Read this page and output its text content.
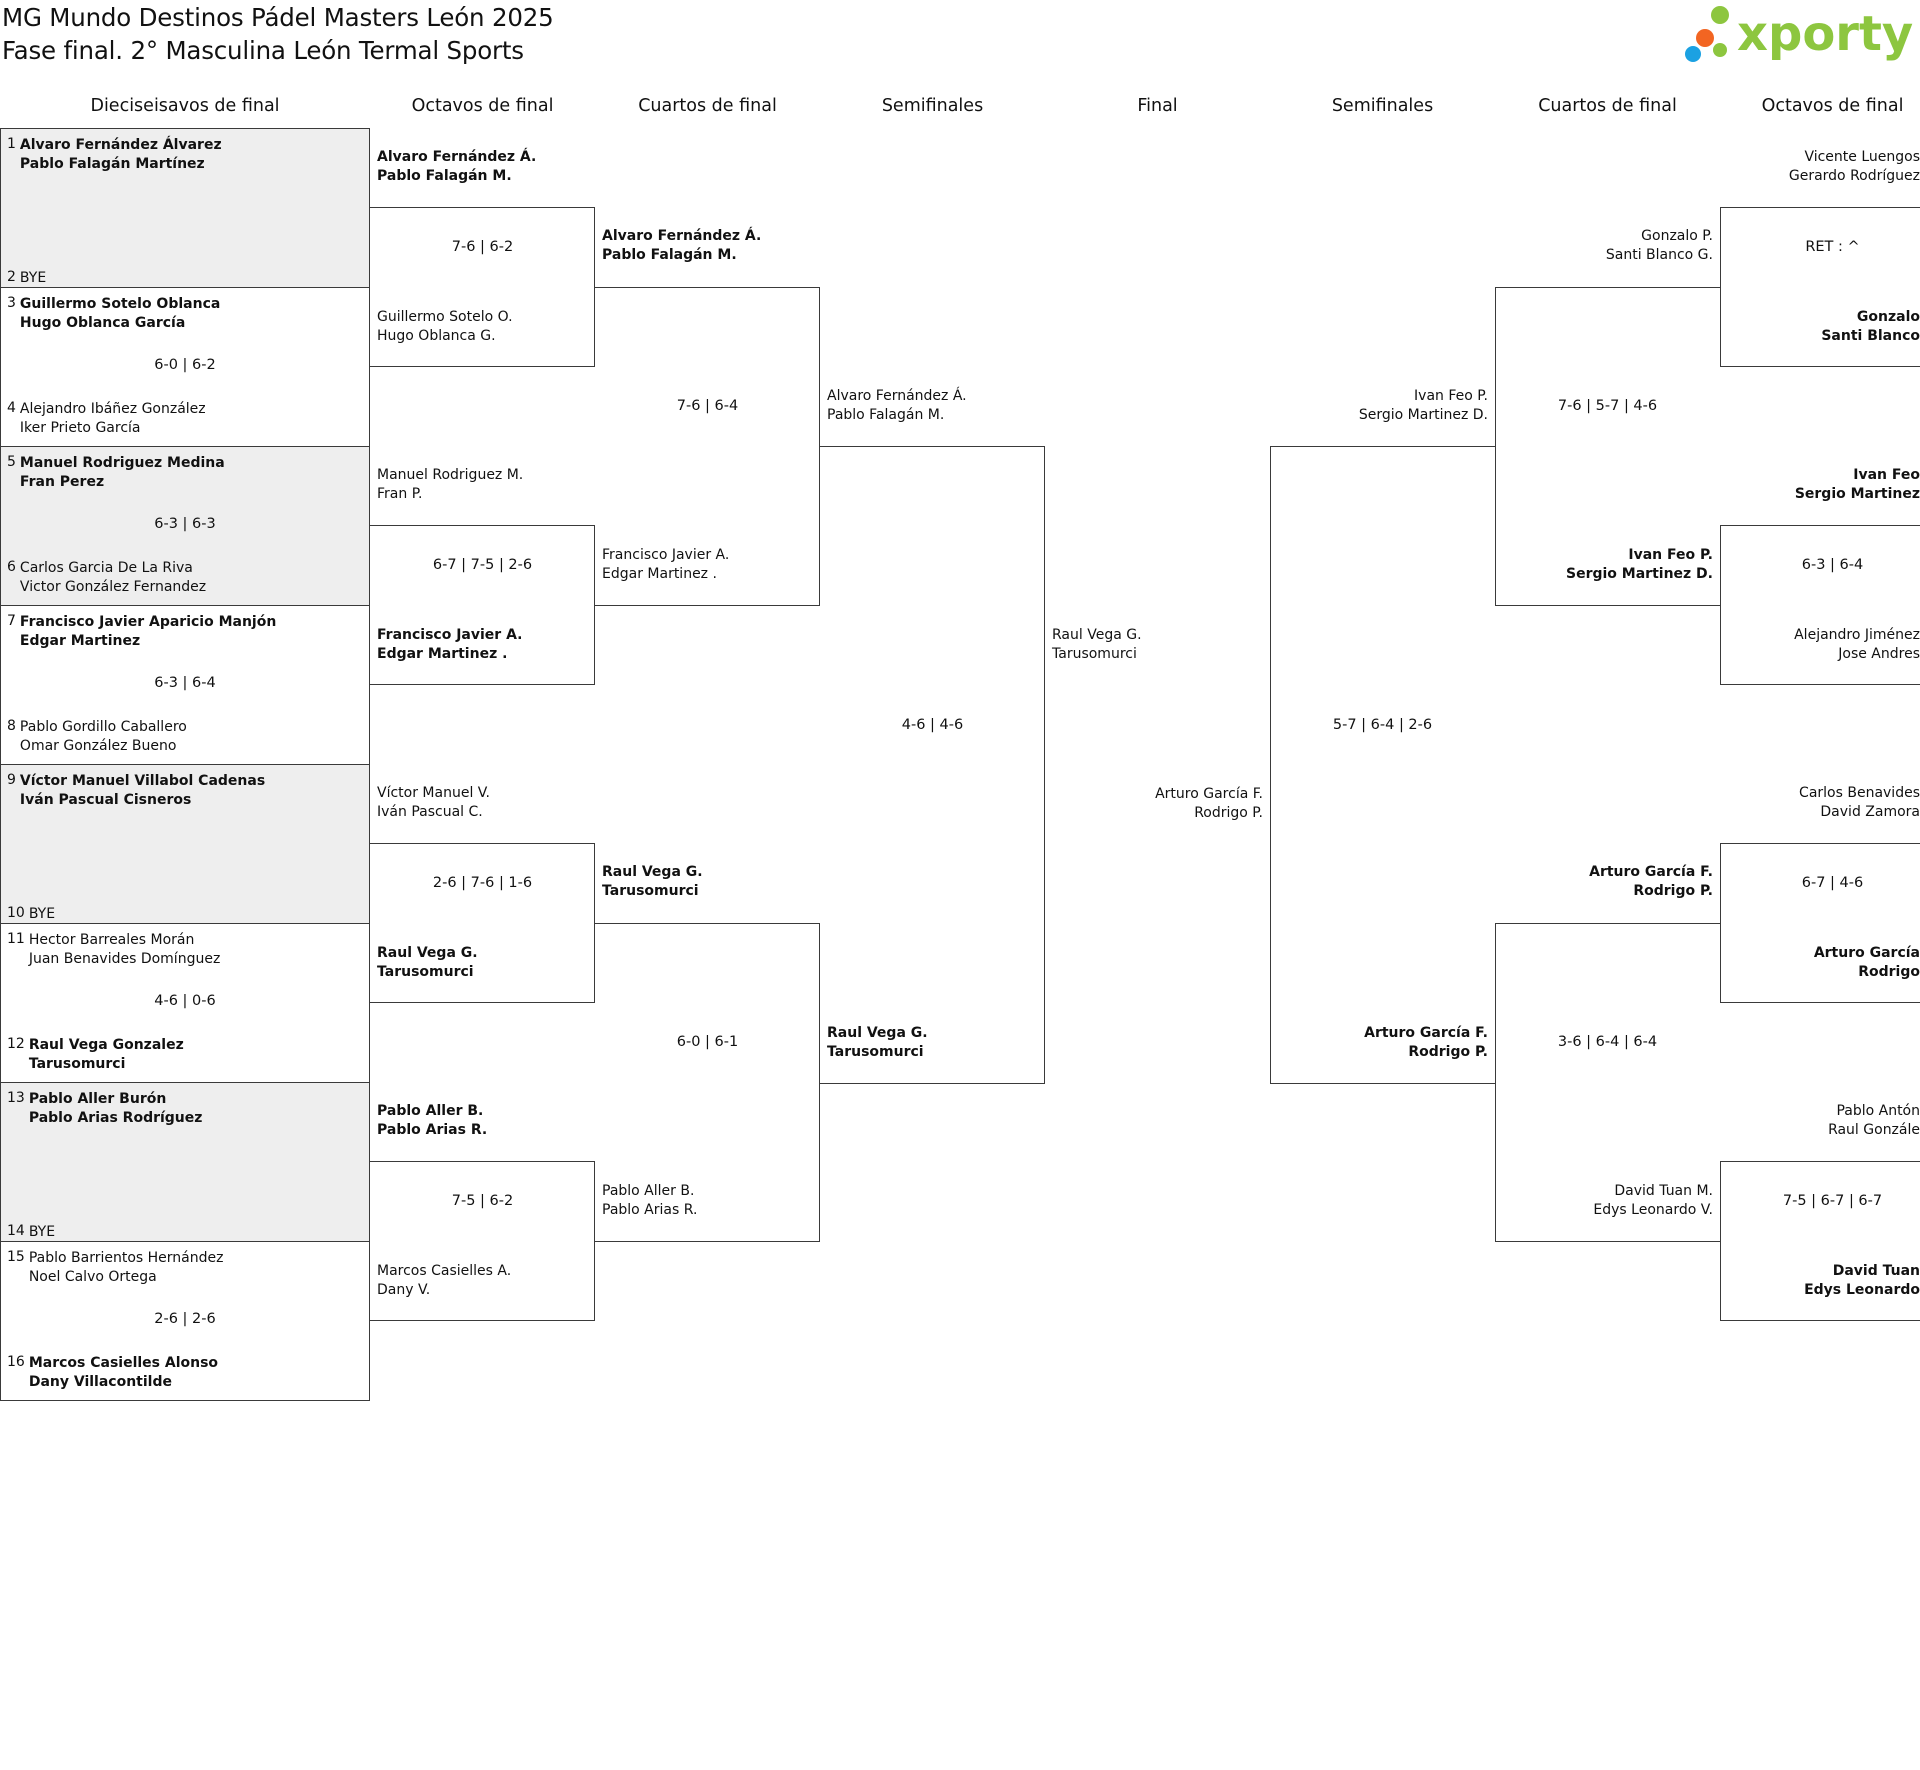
MG Mundo Destinos Pádel Masters León 2025
Fase final. 2° Masculina León Termal Sports	xporty
Dieciseisavos de final	Octavos de final	Cuartos de final	Semifinales	Final	Semifinales	Cuartos de final	Octavos de final
1 Alvaro Fernández Álvarez
Pablo Falagán Martínez
2 BYE
3 Guillermo Sotelo Oblanca
Hugo Oblanca García
4 Alejandro Ibáñez González
Iker Prieto García
6-0 | 6-2
5 Manuel Rodriguez Medina
Fran Perez
6 Carlos Garcia De La Riva
Victor González Fernandez
6-3 | 6-3
7 Francisco Javier Aparicio Manjón
Edgar Martinez
8 Pablo Gordillo Caballero
Omar González Bueno
6-3 | 6-4
9 Víctor Manuel Villabol Cadenas
Iván Pascual Cisneros
10 BYE
11 Hector Barreales Morán
Juan Benavides Domínguez
12 Raul Vega Gonzalez
Tarusomurci
4-6 | 0-6
13 Pablo Aller Burón
Pablo Arias Rodríguez
14 BYE
15 Pablo Barrientos Hernández
Noel Calvo Ortega
16 Marcos Casielles Alonso
Dany Villacontilde
2-6 | 2-6
Alvaro Fernández Á.
Pablo Falagán M.
Guillermo Sotelo O.
Hugo Oblanca G.
7-6 | 6-2
Manuel Rodriguez M.
Fran P.
Francisco Javier A.
Edgar Martinez .
6-7 | 7-5 | 2-6
Víctor Manuel V.
Iván Pascual C.
Raul Vega G.
Tarusomurci
2-6 | 7-6 | 1-6
Pablo Aller B.
Pablo Arias R.
Marcos Casielles A.
Dany V.
7-5 | 6-2
Alvaro Fernández Á.
Pablo Falagán M.
Francisco Javier A.
Edgar Martinez .
7-6 | 6-4
Raul Vega G.
Tarusomurci
Pablo Aller B.
Pablo Arias R.
6-0 | 6-1
Alvaro Fernández Á.
Pablo Falagán M.
Raul Vega G.
Tarusomurci
4-6 | 4-6
Raul Vega G.
Tarusomurci
Arturo García F.
Rodrigo P.
Ivan Feo P.
Sergio Martinez D.
Arturo García F.
Rodrigo P.
5-7 | 6-4 | 2-6
Gonzalo P.
Santi Blanco G.
Ivan Feo P.
Sergio Martinez D.
7-6 | 5-7 | 4-6
Arturo García F.
Rodrigo P.
David Tuan M.
Edys Leonardo V.
3-6 | 6-4 | 6-4
Vicente Luengos
Gerardo Rodríguez
Gonzalo
Santi Blanco
RET : ^
Ivan Feo
Sergio Martinez
Alejandro Jiménez
Jose Andres
6-3 | 6-4
Carlos Benavides
David Zamora
Arturo García
Rodrigo
6-7 | 4-6
Pablo Antón
Raul Gonzále
David Tuan
Edys Leonardo
7-5 | 6-7 | 6-7
